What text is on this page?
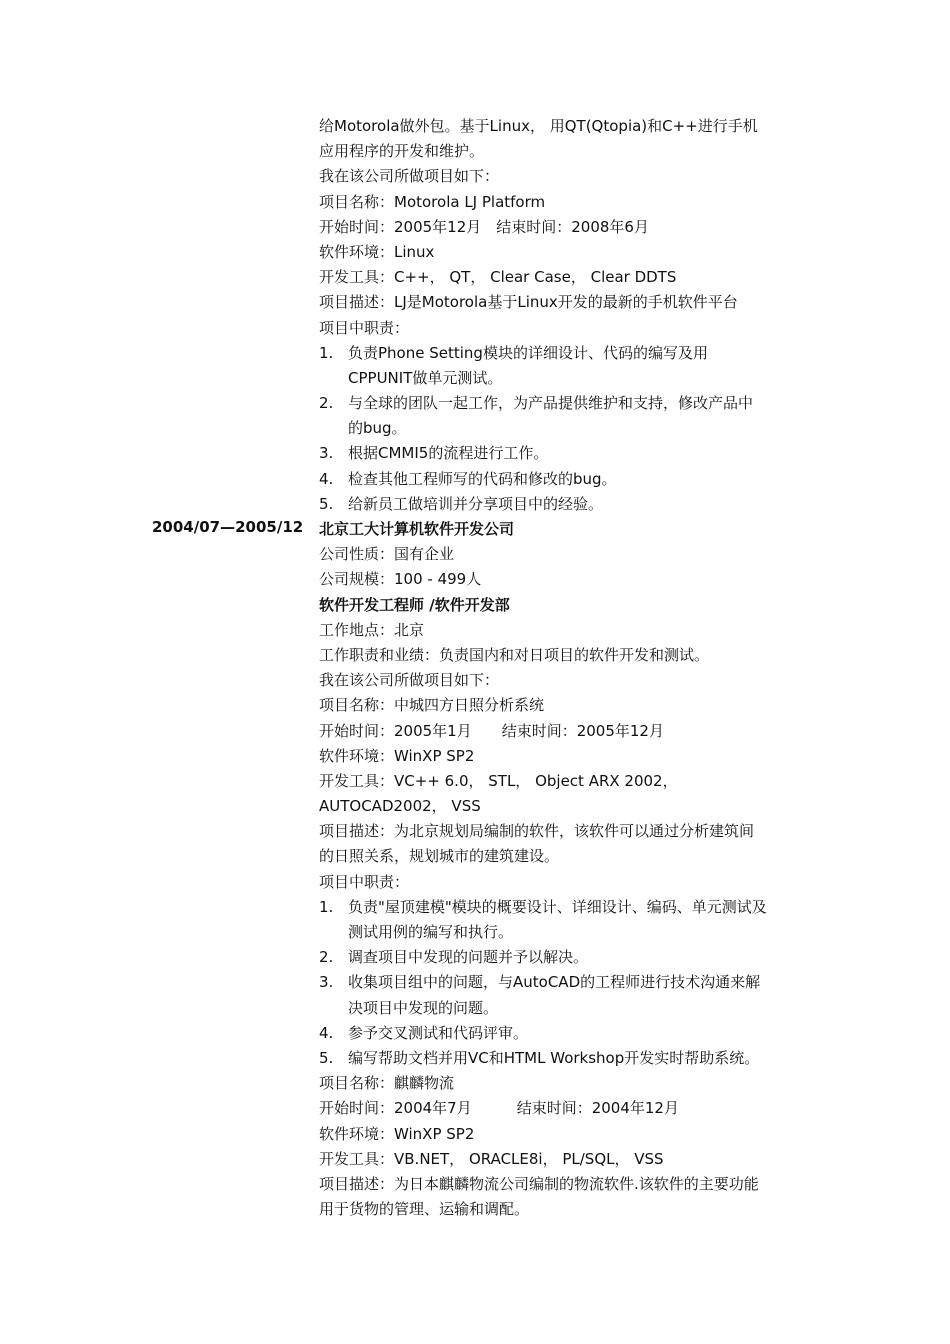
2004/07—2005/12
给Motorola做外包。基于Linux， 用QT(Qtopia)和C++进行手机
应用程序的开发和维护。
我在该公司所做项目如下：
项目名称：Motorola LJ Platform
开始时间：2005年12月　结束时间：2008年6月
软件环境：Linux
开发工具：C++， QT， Clear Case， Clear DDTS
项目描述：LJ是Motorola基于Linux开发的最新的手机软件平台
项目中职责：
1. 负责Phone Setting模块的详细设计、代码的编写及用
CPPUNIT做单元测试。
2. 与全球的团队一起工作，为产品提供维护和支持，修改产品中
的bug。
3. 根据CMMI5的流程进行工作。
4. 检查其他工程师写的代码和修改的bug。
5. 给新员工做培训并分享项目中的经验。
北京工大计算机软件开发公司
公司性质：国有企业
公司规模：100 - 499人
软件开发工程师 /软件开发部
工作地点：北京
工作职责和业绩：负责国内和对日项目的软件开发和测试。
我在该公司所做项目如下：
项目名称：中城四方日照分析系统
开始时间：2005年1月　　结束时间：2005年12月
软件环境：WinXP SP2
开发工具：VC++ 6.0， STL， Object ARX 2002，
AUTOCAD2002， VSS
项目描述：为北京规划局编制的软件，该软件可以通过分析建筑间
的日照关系，规划城市的建筑建设。
项目中职责：
1. 负责"屋顶建模"模块的概要设计、详细设计、编码、单元测试及
测试用例的编写和执行。
2. 调查项目中发现的问题并予以解决。
3. 收集项目组中的问题，与AutoCAD的工程师进行技术沟通来解
决项目中发现的问题。
4. 参予交叉测试和代码评审。
5. 编写帮助文档并用VC和HTML Workshop开发实时帮助系统。
项目名称：麒麟物流
开始时间：2004年7月　　　结束时间：2004年12月
软件环境：WinXP SP2
开发工具：VB.NET， ORACLE8i， PL/SQL， VSS
项目描述：为日本麒麟物流公司编制的物流软件.该软件的主要功能
用于货物的管理、运输和调配。
